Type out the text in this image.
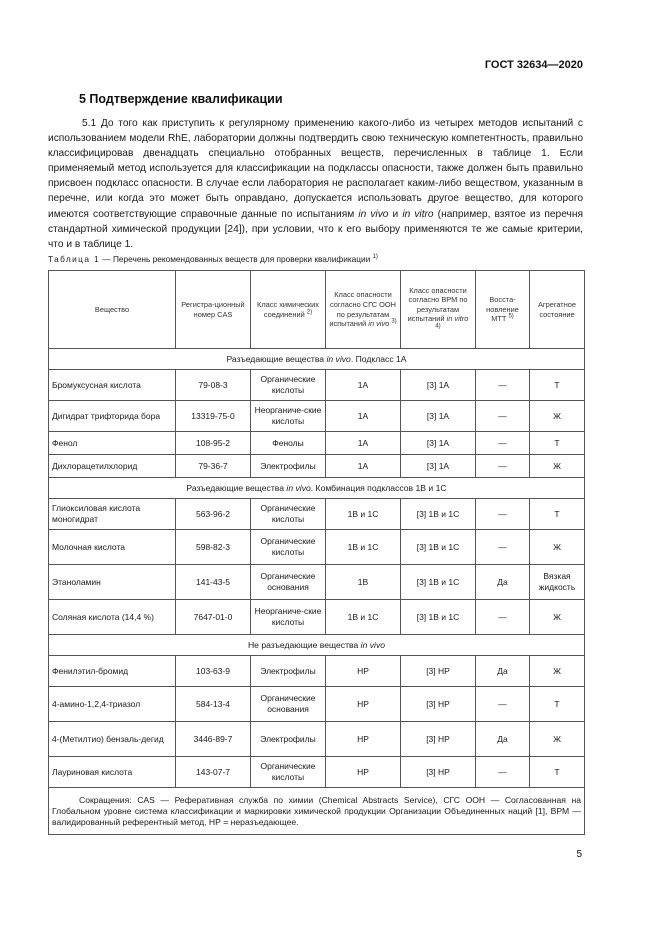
ГОСТ 32634—2020
5 Подтверждение квалификации

5.1 До того как приступить к регулярному применению какого-либо из четырех методов испытаний с использованием модели RhE, лаборатории должны подтвердить свою техническую компетентность, правильно классифицировав двенадцать специально отобранных веществ, перечисленных в таблице 1. Если применяемый метод используется для классификации на подклассы опасности, также должен быть правильно присвоен подкласс опасности. В случае если лаборатория не располагает каким-либо веществом, указанным в перечне, или когда это может быть оправдано, допускается использовать другое вещество, для которого имеются соответствующие справочные данные по испытаниям in vivo и in vitro (например, взятое из перечня стандартной химической продукции [24]), при условии, что к его выбору применяются те же самые критерии, что и в таблице 1.

Таблица 1 — Перечень рекомендованных веществ для проверки квалификации $^{1)}$
Вещество	Регистра-ционный номер CAS	Класс химических соединений $^{2)}$	Класс опасности согласно СГС ООН по результатам испытаний in vivo $^{3)}$	Класс опасности согласно ВРМ по результатам испытаний in vitro $^{4)}$	Восста-новление МТТ $^{5)}$	Агрегатное состояние
Разъедающие вещества in vivo. Подкласс 1А						
Бромуксусная кислота	79-08-3	Органические кислоты	1А	[3] 1А	—	Т
Дигидрат трифторида бора	13319-75-0	Неорганиче-ские кислоты	1А	[3] 1А	—	Ж
Фенол	108-95-2	Фенолы	1А	[3] 1А	—	Т
Дихлорацетилхлорид	79-36-7	Электрофилы	1А	[3] 1А	—	Ж
Разъедающие вещества in vivo. Комбинация подклассов 1В и 1С						
Глиоксиловая кислота моногидрат	563-96-2	Органические кислоты	1В и 1С	[3] 1В и 1С	—	Т
Молочная кислота	598-82-3	Органические кислоты	1В и 1С	[3] 1В и 1С	—	Ж
Этаноламин	141-43-5	Органические основания	1В	[3] 1В и 1С	Да	Вязкая жидкость
Соляная кислота (14,4 %)	7647-01-0	Неорганиче-ские кислоты	1В и 1С	[3] 1В и 1С	—	Ж
Не разъедающие вещества in vivo						
Фенилэтил-бромид	103-63-9	Электрофилы	НР	[3] НР	Да	Ж
4-амино-1,2,4-триазол	584-13-4	Органические основания	НР	[3] НР	—	Т
4-(Метилтио) бензаль-дегид	3446-89-7	Электрофилы	НР	[3] НР	Да	Ж
Лауриновая кислота	143-07-7	Органические кислоты	НР	[3] НР	—	Т

Сокращения: CAS — Реферативная служба по химии (Chemical Abstracts Service), СГС ООН — Согласованная на Глобальном уровне система классификации и маркировки химической продукции Организации Объединенных наций [1], ВРМ — валидированный референтный метод, НР = неразъедающее.						
5
